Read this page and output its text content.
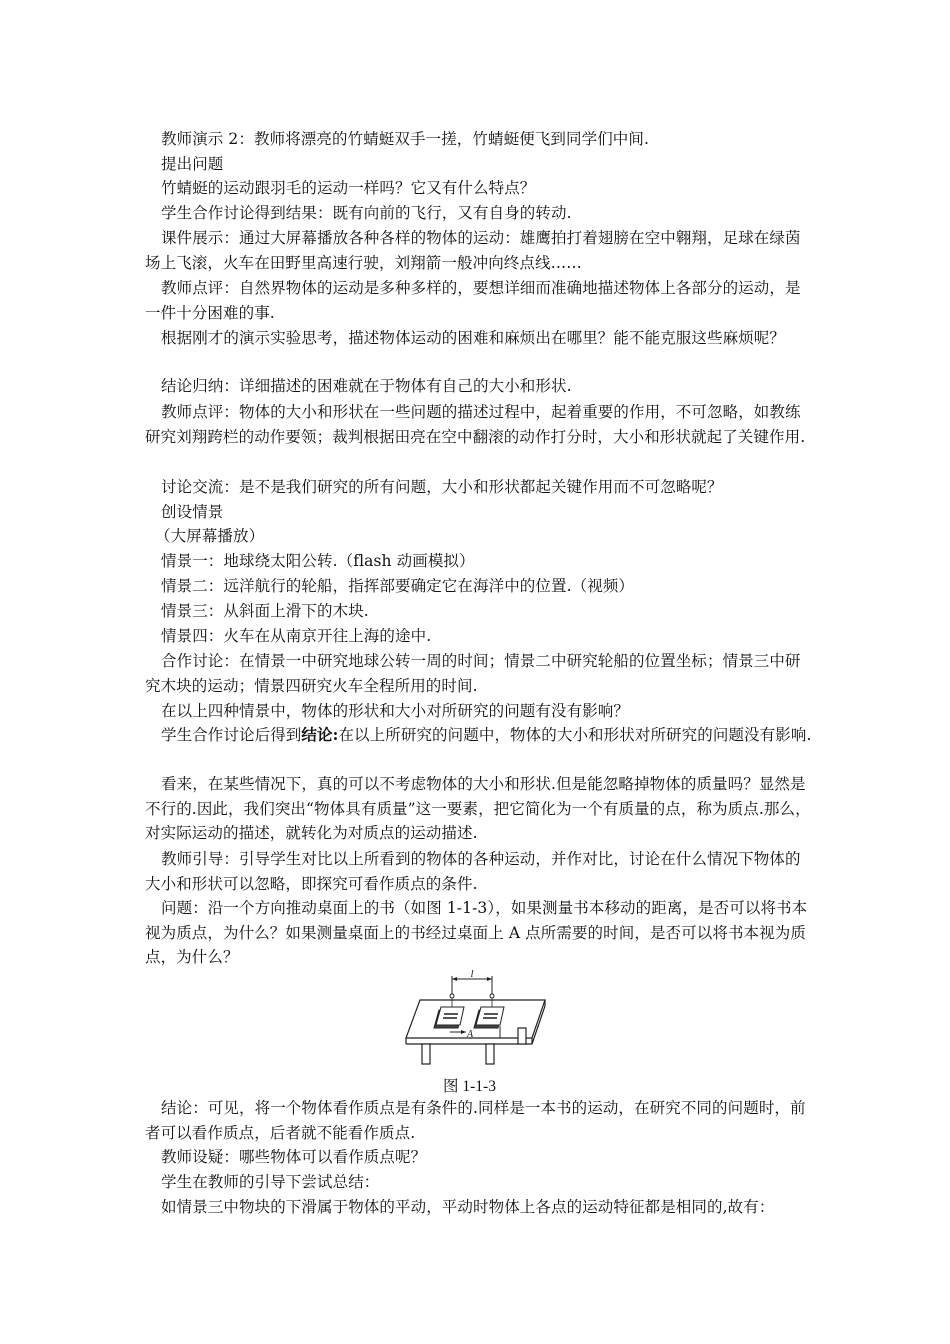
教师演示 2：教师将漂亮的竹蜻蜓双手一搓，竹蜻蜓便飞到同学们中间.
提出问题
竹蜻蜓的运动跟羽毛的运动一样吗？它又有什么特点？
学生合作讨论得到结果：既有向前的飞行，又有自身的转动.
课件展示：通过大屏幕播放各种各样的物体的运动：雄鹰拍打着翅膀在空中翱翔，足球在绿茵场上飞滚，火车在田野里高速行驶，刘翔箭一般冲向终点线……
教师点评：自然界物体的运动是多种多样的，要想详细而准确地描述物体上各部分的运动，是一件十分困难的事.
根据刚才的演示实验思考，描述物体运动的困难和麻烦出在哪里？能不能克服这些麻烦呢？
结论归纳：详细描述的困难就在于物体有自己的大小和形状.
教师点评：物体的大小和形状在一些问题的描述过程中，起着重要的作用，不可忽略，如教练研究刘翔跨栏的动作要领；裁判根据田亮在空中翻滚的动作打分时，大小和形状就起了关键作用.
讨论交流：是不是我们研究的所有问题，大小和形状都起关键作用而不可忽略呢？
创设情景
（大屏幕播放）
情景一：地球绕太阳公转.（flash 动画模拟）
情景二：远洋航行的轮船，指挥部要确定它在海洋中的位置.（视频）
情景三：从斜面上滑下的木块.
情景四：火车在从南京开往上海的途中.
合作讨论：在情景一中研究地球公转一周的时间；情景二中研究轮船的位置坐标；情景三中研究木块的运动；情景四研究火车全程所用的时间.
在以上四种情景中，物体的形状和大小对所研究的问题有没有影响？
学生合作讨论后得到结论:在以上所研究的问题中，物体的大小和形状对所研究的问题没有影响.
看来，在某些情况下，真的可以不考虑物体的大小和形状.但是能忽略掉物体的质量吗？显然是不行的.因此，我们突出“物体具有质量”这一要素，把它简化为一个有质量的点，称为质点.那么，对实际运动的描述，就转化为对质点的运动描述.
教师引导：引导学生对比以上所看到的物体的各种运动，并作对比，讨论在什么情况下物体的大小和形状可以忽略，即探究可看作质点的条件.
问题：沿一个方向推动桌面上的书（如图 1-1-3），如果测量书本移动的距离，是否可以将书本视为质点，为什么？如果测量桌面上的书经过桌面上 A 点所需要的时间，是否可以将书本视为质点，为什么？
l
A
图 1-1-3
结论：可见，将一个物体看作质点是有条件的.同样是一本书的运动，在研究不同的问题时，前者可以看作质点，后者就不能看作质点.
教师设疑：哪些物体可以看作质点呢？
学生在教师的引导下尝试总结：
如情景三中物块的下滑属于物体的平动，平动时物体上各点的运动特征都是相同的,故有：
